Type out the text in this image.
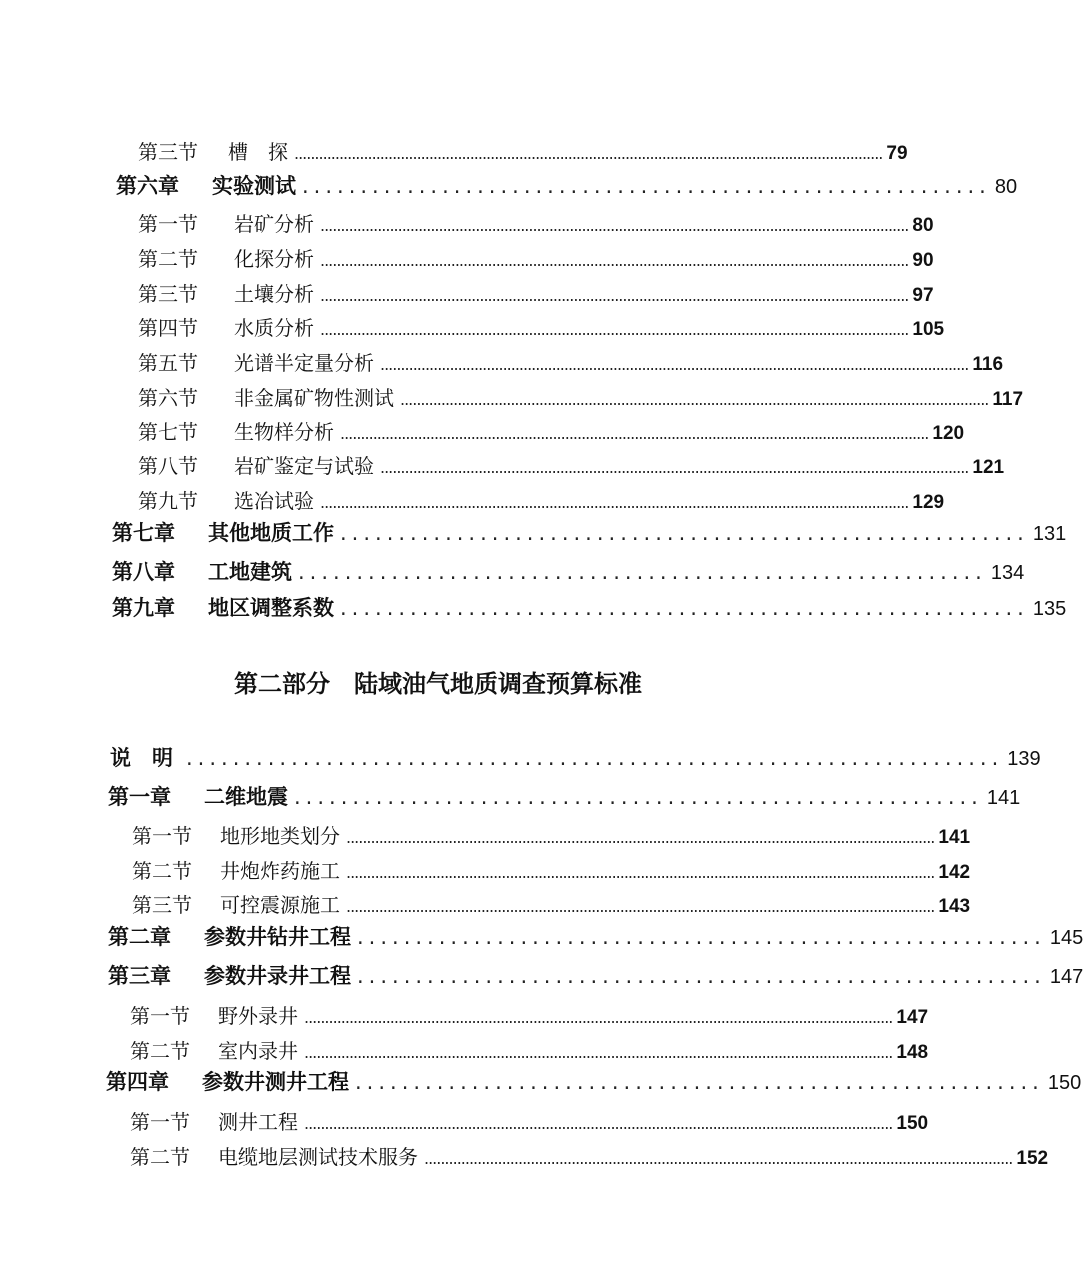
第三节 槽　探 ................................................................................................................................................ 79
第六章 实验测试 ........................................................... 80
第一节 岩矿分析 ................................................................................................................................................ 80
第二节 化探分析 ................................................................................................................................................ 90
第三节 土壤分析 ................................................................................................................................................ 97
第四节 水质分析 ................................................................................................................................................ 105
第五节 光谱半定量分析 ................................................................................................................................................ 116
第六节 非金属矿物性测试 ................................................................................................................................................ 117
第七节 生物样分析 ................................................................................................................................................ 120
第八节 岩矿鉴定与试验 ................................................................................................................................................ 121
第九节 选冶试验 ................................................................................................................................................ 129
第七章 其他地质工作 ........................................................... 131
第八章 工地建筑 ........................................................... 134
第九章 地区调整系数 ........................................................... 135
第二部分　陆域油气地质调查预算标准
说　明 ...................................................................... 139
第一章 二维地震 ........................................................... 141
第一节 地形地类划分 ................................................................................................................................................ 141
第二节 井炮炸药施工 ................................................................................................................................................ 142
第三节 可控震源施工 ................................................................................................................................................ 143
第二章 参数井钻井工程 ........................................................... 145
第三章 参数井录井工程 ........................................................... 147
第一节 野外录井 ................................................................................................................................................ 147
第二节 室内录井 ................................................................................................................................................ 148
第四章 参数井测井工程 ........................................................... 150
第一节 测井工程 ................................................................................................................................................ 150
第二节 电缆地层测试技术服务 ................................................................................................................................................ 152
